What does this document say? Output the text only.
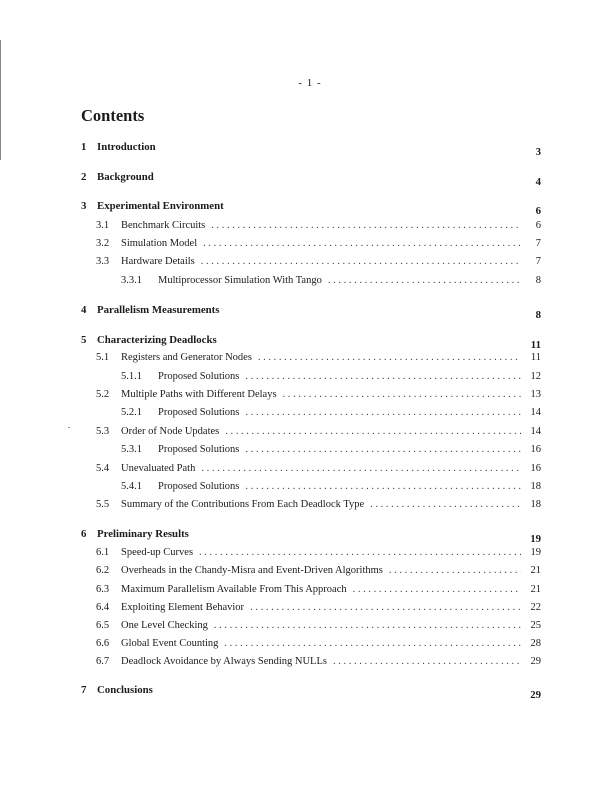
- 1 -
Contents
1 Introduction	3
2 Background	4
3 Experimental Environment	6
3.1	Benchmark Circuits . . .	6
3.2	Simulation Model . . .	7
3.3	Hardware Details . . .	7
3.3.1	Multiprocessor Simulation With Tango . . .	8
4 Parallelism Measurements	8
5 Characterizing Deadlocks	11
5.1	Registers and Generator Nodes . . .	11
5.1.1	Proposed Solutions . . .	12
5.2	Multiple Paths with Different Delays . . .	13
5.2.1	Proposed Solutions . . .	14
5.3	Order of Node Updates . . .	14
5.3.1	Proposed Solutions . . .	16
5.4	Unevaluated Path . . .	16
5.4.1	Proposed Solutions . . .	18
5.5	Summary of the Contributions From Each Deadlock Type . . .	18
6 Preliminary Results	19
6.1	Speed-up Curves . . .	19
6.2	Overheads in the Chandy-Misra and Event-Driven Algorithms . . .	21
6.3	Maximum Parallelism Available From This Approach . . .	21
6.4	Exploiting Element Behavior . . .	22
6.5	One Level Checking . . .	25
6.6	Global Event Counting . . .	28
6.7	Deadlock Avoidance by Always Sending NULLs . . .	29
7 Conclusions	29
